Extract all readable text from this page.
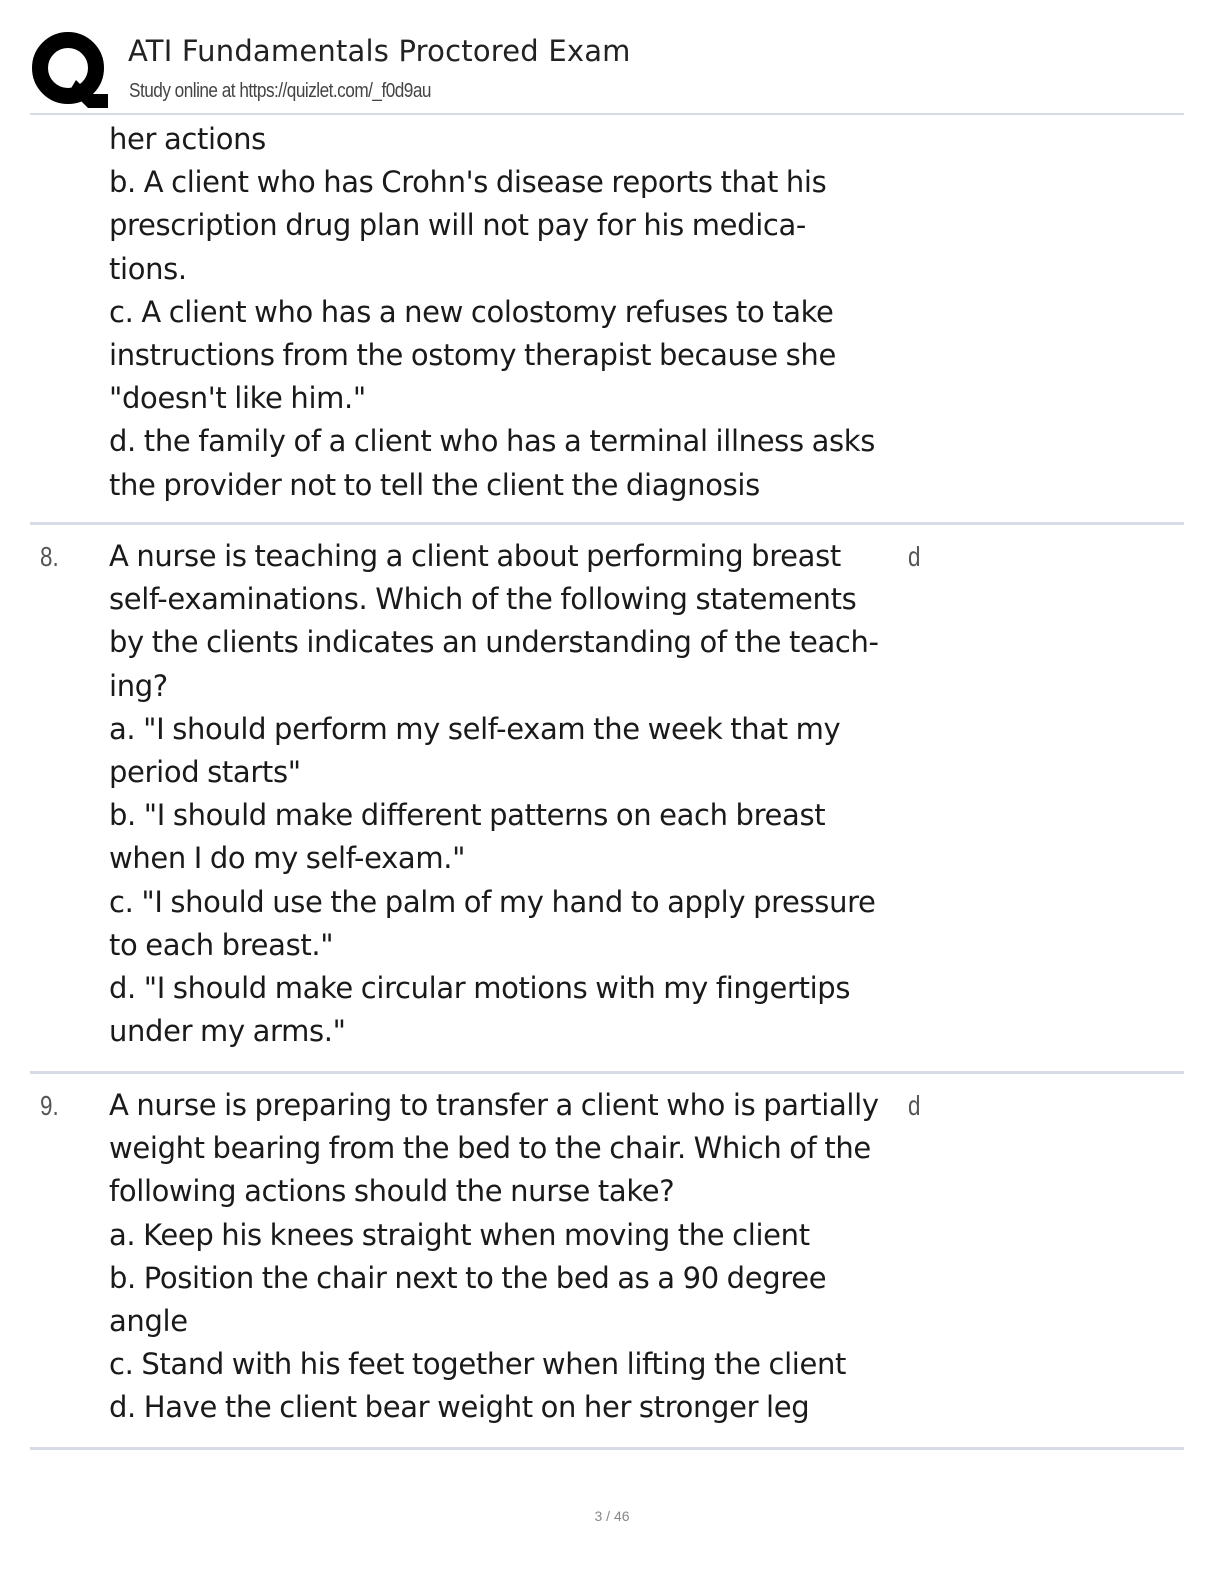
ATI Fundamentals Proctored Exam
Study online at https://quizlet.com/_f0d9au
her actions
b. A client who has Crohn's disease reports that his
prescription drug plan will not pay for his medica-
tions.
c. A client who has a new colostomy refuses to take
instructions from the ostomy therapist because she
"doesn't like him."
d. the family of a client who has a terminal illness asks
the provider not to tell the client the diagnosis
8. A nurse is teaching a client about performing breast
self-examinations. Which of the following statements
by the clients indicates an understanding of the teach-
ing?
a. "I should perform my self-exam the week that my
period starts"
b. "I should make different patterns on each breast
when I do my self-exam."
c. "I should use the palm of my hand to apply pressure
to each breast."
d. "I should make circular motions with my fingertips
under my arms."
d
9. A nurse is preparing to transfer a client who is partially
weight bearing from the bed to the chair. Which of the
following actions should the nurse take?
a. Keep his knees straight when moving the client
b. Position the chair next to the bed as a 90 degree
angle
c. Stand with his feet together when lifting the client
d. Have the client bear weight on her stronger leg
d
3 / 46
